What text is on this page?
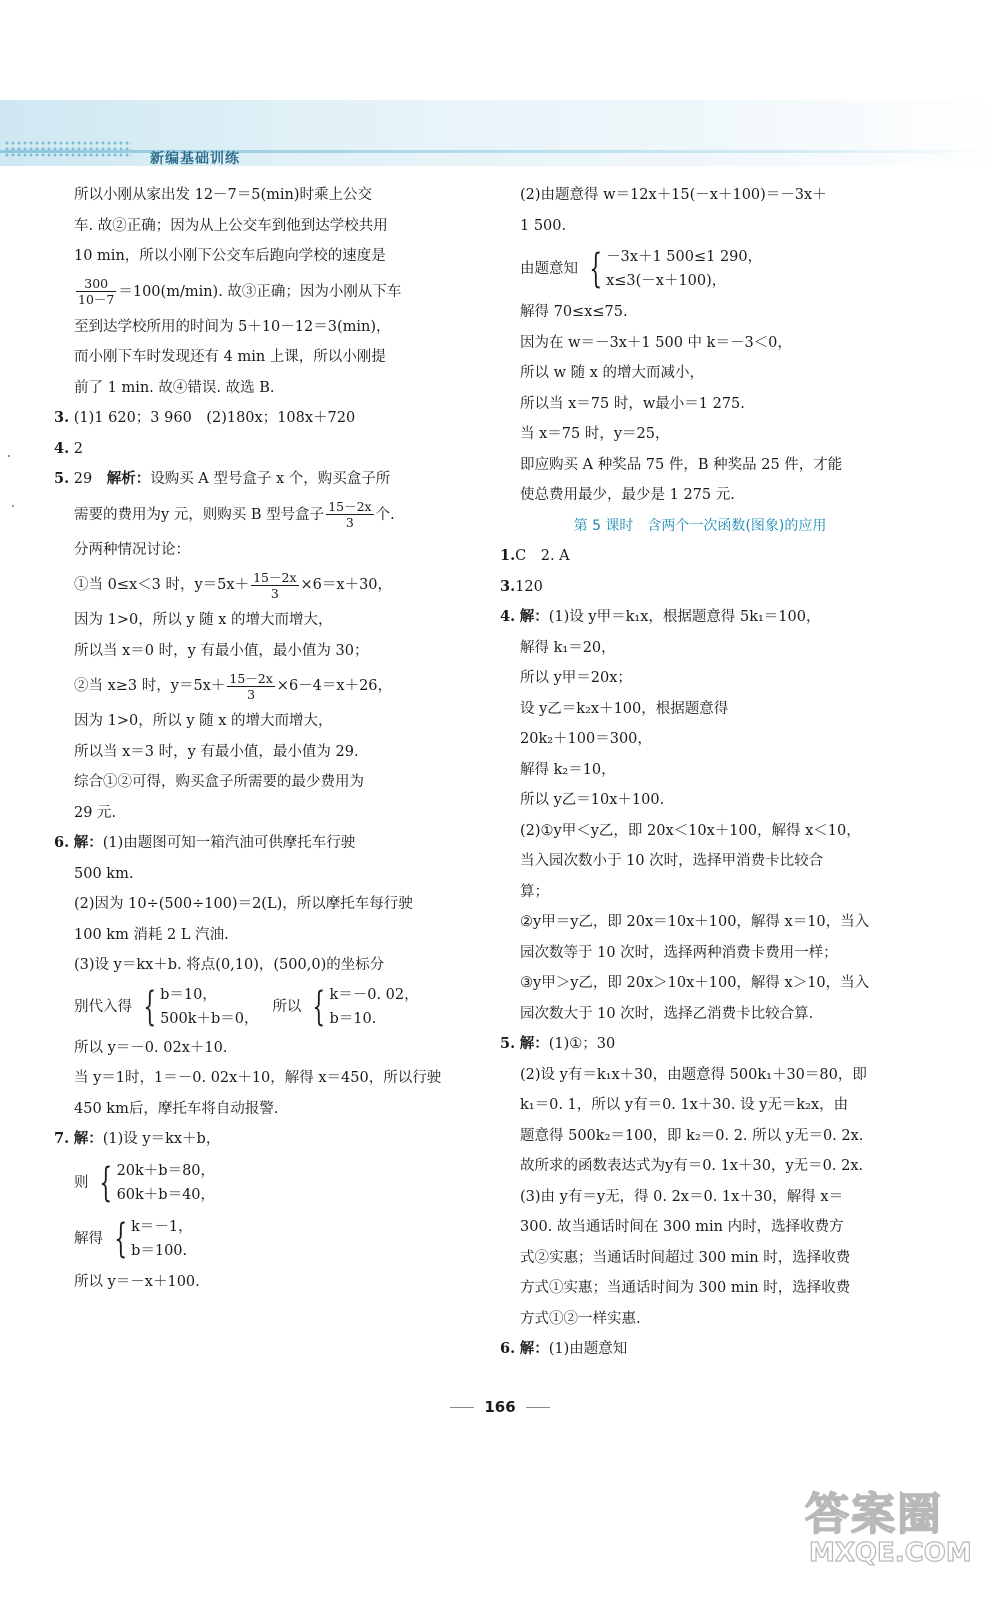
新编基础训练
所以小刚从家出发 12－7＝5(min)时乘上公交
车. 故②正确；因为从上公交车到他到达学校共用
10 min，所以小刚下公交车后跑向学校的速度是
$\frac{300}{10-7} =100(m/\min)$. 故③正确；因为小刚从下车
至到达学校所用的时间为 5＋10－12＝3(min)，
而小刚下车时发现还有 4 min 上课，所以小刚提
前了 1 min. 故④错误. 故选 B.
3. (1)1 620；3 960　(2)180x；108x＋720
4. 2
5. 29　 解析：设购买 A 型号盒子 x 个，购买盒子所
需要的费用为y 元，则购买 B 型号盒子 $\frac{15-2x}{3}$ 个.
分两种情况讨论：
①当 0≤x＜3 时，$y=5x+ \frac{15-2x}{3} \times 6=x+30$，
因为 1>0，所以 y 随 x 的增大而增大，
所以当 x＝0 时，y 有最小值，最小值为 30；
②当 x≥3 时，$y=5x+ \frac{15-2x}{3} \times 6-4=x+26$，
因为 1>0，所以 y 随 x 的增大而增大，
所以当 x＝3 时，y 有最小值，最小值为 29.
综合①②可得，购买盒子所需要的最少费用为
29 元.
6. 解：(1)由题图可知一箱汽油可供摩托车行驶
500 km.
(2)因为 10÷(500÷100)＝2(L)，所以摩托车每行驶
100 km 消耗 2 L 汽油.
(3)设 y＝kx＋b. 将点(0,10)，(500,0)的坐标分
别代入得 { b＝10，
500k＋b＝0，
所以 { k＝－0. 02，
b＝10.
所以 y＝－0. 02x＋10.
当 y＝1时，1＝－0. 02x＋10，解得 x＝450，所以行驶
450 km后，摩托车将自动报警.
7. 解：(1)设 y＝kx＋b，
则 { 20k＋b＝80，
60k＋b＝40，
解得 { k＝－1，
b＝100.
所以 y＝－x＋100.
(2)由题意得 w＝12x＋15(－x＋100)＝－3x＋
1 500.
由题意知 { －3x＋1 500≤1 290，
x≤3(－x＋100)，
解得 70≤x≤75.
因为在 w＝－3x＋1 500 中 k＝－3＜0，
所以 w 随 x 的增大而减小，
所以当 x＝75 时，w最小＝1 275.
当 x＝75 时，y＝25，
即应购买 A 种奖品 75 件，B 种奖品 25 件，才能
使总费用最少，最少是 1 275 元.
第 5 课时　含两个一次函数(图象)的应用
1.C　2. A
3.120
4. 解：(1)设 y甲＝k₁x，根据题意得 5k₁＝100，
解得 k₁＝20，
所以 y甲＝20x；
设 y乙＝k₂x＋100，根据题意得
20k₂＋100＝300，
解得 k₂＝10，
所以 y乙＝10x＋100.
(2)①y甲＜y乙，即 20x＜10x＋100，解得 x＜10，
当入园次数小于 10 次时，选择甲消费卡比较合
算；
②y甲＝y乙，即 20x＝10x＋100，解得 x＝10，当入
园次数等于 10 次时，选择两种消费卡费用一样；
③y甲＞y乙，即 20x＞10x＋100，解得 x＞10，当入
园次数大于 10 次时，选择乙消费卡比较合算.
5. 解：(1)①；30
(2)设 y有＝k₁x＋30，由题意得 500k₁＋30＝80，即
k₁＝0. 1，所以 y有＝0. 1x＋30. 设 y无＝k₂x，由
题意得 500k₂＝100，即 k₂＝0. 2. 所以 y无＝0. 2x.
故所求的函数表达式为y有＝0. 1x＋30，y无＝0. 2x.
(3)由 y有＝y无，得 0. 2x＝0. 1x＋30，解得 x＝
300. 故当通话时间在 300 min 内时，选择收费方
式②实惠；当通话时间超过 300 min 时，选择收费
方式①实惠；当通话时间为 300 min 时，选择收费
方式①②一样实惠.
6. 解：(1)由题意知
166
答案圈
MXQE.COM
